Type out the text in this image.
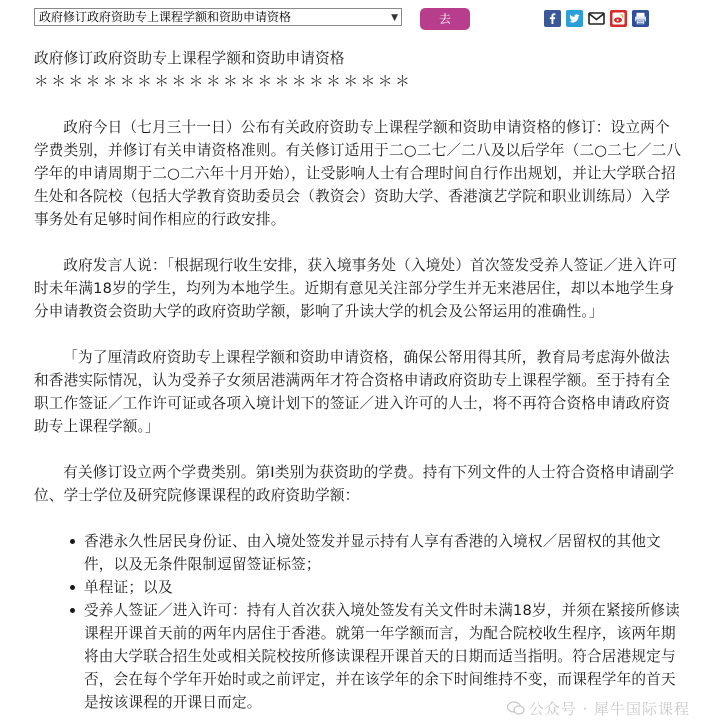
政府修订政府资助专上课程学额和资助申请资格	▼	去

政府修订政府资助专上课程学额和资助申请资格

＊＊＊＊＊＊＊＊＊＊＊＊＊＊＊＊＊＊＊＊＊＊

政府今日（七月三十一日）公布有关政府资助专上课程学额和资助申请资格的修订：设立两个学费类别，并修订有关申请资格准则。有关修订适用于二○二七／二八及以后学年（二○二七／二八学年的申请周期于二○二六年十月开始），让受影响人士有合理时间自行作出规划，并让大学联合招生处和各院校（包括大学教育资助委员会（教资会）资助大学、香港演艺学院和职业训练局）入学事务处有足够时间作相应的行政安排。

政府发言人说：「根据现行收生安排，获入境事务处（入境处）首次签发受养人签证／进入许可时未年满18岁的学生，均列为本地学生。近期有意见关注部分学生并无来港居住，却以本地学生身分申请教资会资助大学的政府资助学额，影响了升读大学的机会及公帑运用的准确性。」

「为了厘清政府资助专上课程学额和资助申请资格，确保公帑用得其所，教育局考虑海外做法和香港实际情况，认为受养子女须居港满两年才符合资格申请政府资助专上课程学额。至于持有全职工作签证／工作许可证或各项入境计划下的签证／进入许可的人士，将不再符合资格申请政府资助专上课程学额。」

有关修订设立两个学费类别。第I类别为获资助的学费。持有下列文件的人士符合资格申请副学位、学士学位及研究院修课课程的政府资助学额：

香港永久性居民身份证、由入境处签发并显示持有人享有香港的入境权／居留权的其他文件，以及无条件限制逗留签证标签；
单程证；以及
受养人签证／进入许可：持有人首次获入境处签发有关文件时未满18岁，并须在紧接所修读课程开课首天前的两年内居住于香港。就第一年学额而言，为配合院校收生程序，该两年期将由大学联合招生处或相关院校按所修读课程开课首天的日期而适当指明。符合居港规定与否，会在每个学年开始时或之前评定，并在该学年的余下时间维持不变，而课程学年的首天是按该课程的开课日而定。	公众号 · 犀牛国际课程
